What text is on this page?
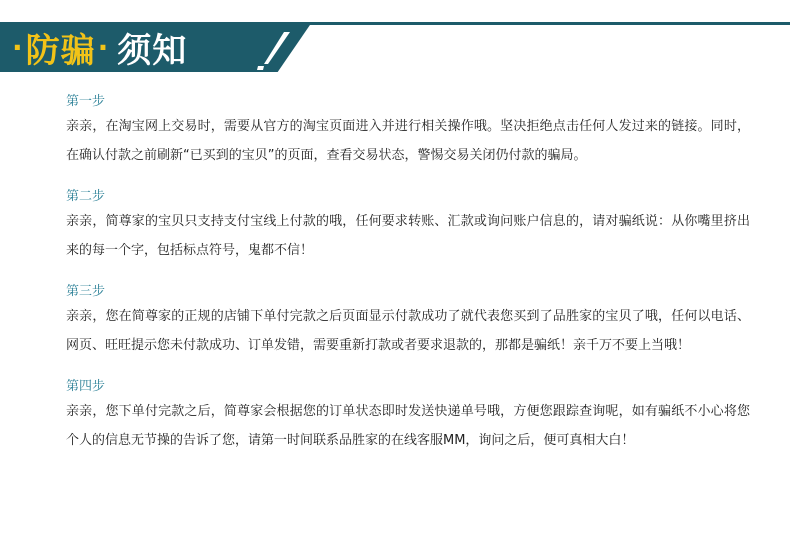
· 防骗 · 须知

第一步

亲亲，在淘宝网上交易时，需要从官方的淘宝页面进入并进行相关操作哦。坚决拒绝点击任何人发过来的链接。同时，在确认付款之前刷新“已买到的宝贝”的页面，查看交易状态，警惕交易关闭仍付款的骗局。

第二步

亲亲，简尊家的宝贝只支持支付宝线上付款的哦，任何要求转账、汇款或询问账户信息的，请对骗纸说：从你嘴里挤出来的每一个字，包括标点符号，鬼都不信！

第三步

亲亲，您在简尊家的正规的店铺下单付完款之后页面显示付款成功了就代表您买到了品胜家的宝贝了哦，任何以电话、网页、旺旺提示您未付款成功、订单发错，需要重新打款或者要求退款的，那都是骗纸！亲千万不要上当哦！

第四步

亲亲，您下单付完款之后，简尊家会根据您的订单状态即时发送快递单号哦，方便您跟踪查询呢，如有骗纸不小心将您个人的信息无节操的告诉了您，请第一时间联系品胜家的在线客服MM，询问之后，便可真相大白！
